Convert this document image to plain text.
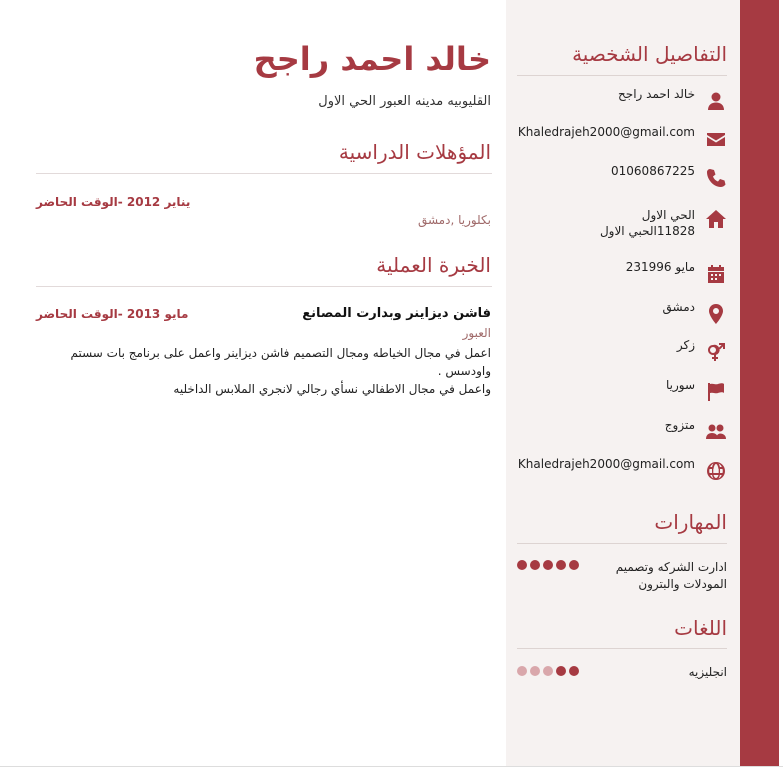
خالد احمد راجح
القليوبيه مدينه العبور الحي الاول
المؤهلات الدراسية
يناير 2012 -الوقت الحاضر
بكلوريا ,دمشق
الخبرة العملية
فاشن ديزاينر وبدارت المصانع
مايو 2013 -الوقت الحاضر
العبور
اعمل في مجال الخياطه ومجال التصميم فاشن ديزاينر واعمل على برنامج بات سستم
واودسس .
واعمل في مجال الاطفالي نسأي رجالي لانجري الملابس الداخليه
التفاصيل الشخصية
خالد احمد راجح
Khaledrajeh2000@gmail.com
01060867225
الحي الاول
11828الحبي الاول
23مايو 1996
دمشق
زكر
سوريا
متزوج
Khaledrajeh2000@gmail.com
المهارات
ادارت الشركه وتصميم المودلات والبترون
اللغات
انجليزيه
